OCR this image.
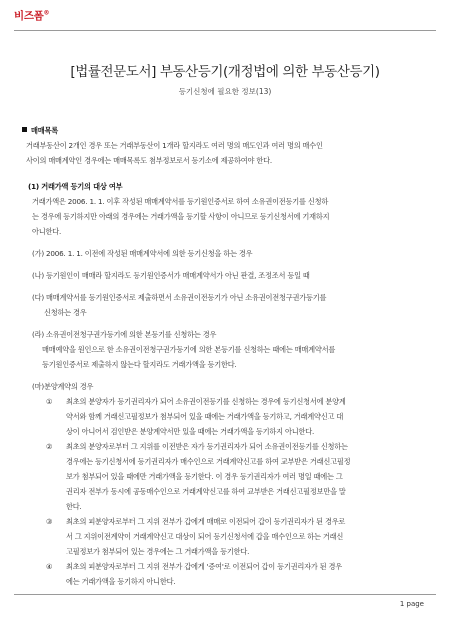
비즈폼®
[법률전문도서] 부동산등기(개정법에 의한 부동산등기)
등기신청에 필요한 정보(13)

매매목록

거래부동산이 2개인 경우 또는 거래부동산이 1개라 할지라도 여러 명의 매도인과 여러 명의 매수인

사이의 매매계약인 경우에는 매매목록도 첨부정보로서 등기소에 제공하여야 한다.

(1) 거래가액 등기의 대상 여부

거래가액은 2006. 1. 1. 이후 작성된 매매계약서를 등기원인증서로 하여 소유권이전등기를 신청하

는 경우에 등기하지만 아래의 경우에는 거래가액을 등기할 사항이 아니므로 등기신청서에 기재하지

아니한다.

(가) 2006. 1. 1. 이전에 작성된 매매계약서에 의한 등기신청을 하는 경우

(나) 등기원인이 매매라 할지라도 등기원인증서가 매매계약서가 아닌 판결, 조정조서 등일 때

(다) 매매계약서를 등기원인증서로 제출하면서 소유권이전등기가 아닌 소유권이전청구권가등기를

신청하는 경우

(라) 소유권이전청구권가등기에 의한 본등기를 신청하는 경우

매매예약을 원인으로 한 소유권이전청구권가등기에 의한 본등기를 신청하는 때에는 매매계약서를

등기원인증서로 제출하지 않는다 할지라도 거래가액을 등기한다.

(마)분양계약의 경우

① 최초의 분양자가 등기권리자가 되어 소유권이전등기를 신청하는 경우에 등기신청서에 분양계

약서와 함께 거래신고필정보가 첨부되어 있을 때에는 거래가액을 등기하고, 거래계약신고 대

상이 아니어서 검인받은 분양계약서만 있을 때에는 거래가액을 등기하지 아니한다.

② 최초의 분양자로부터 그 지위를 이전받은 자가 등기권리자가 되어 소유권이전등기를 신청하는

경우에는 등기신청서에 등기권리자가 매수인으로 거래계약신고를 하여 교부받은 거래신고필정

보가 첨부되어 있을 때에만 거래가액을 등기한다. 이 경우 등기권리자가 여러 명일 때에는 그

권리자 전부가 동시에 공동매수인으로 거래계약신고를 하여 교부받은 거래신고필정보만을 말

한다.

③ 최초의 피분양자로부터 그 지위 전부가 갑에게 매매로 이전되어 갑이 등기권리자가 된 경우로

서 그 지위이전계약이 거래계약신고 대상이 되어 등기신청서에 갑을 매수인으로 하는 거래신

고필정보가 첨부되어 있는 경우에는 그 거래가액을 등기한다.

④ 최초의 피분양자로부터 그 지위 전부가 갑에게 '증여'로 이전되어 갑이 등기권리자가 된 경우

에는 거래가액을 등기하지 아니한다.

1 page
